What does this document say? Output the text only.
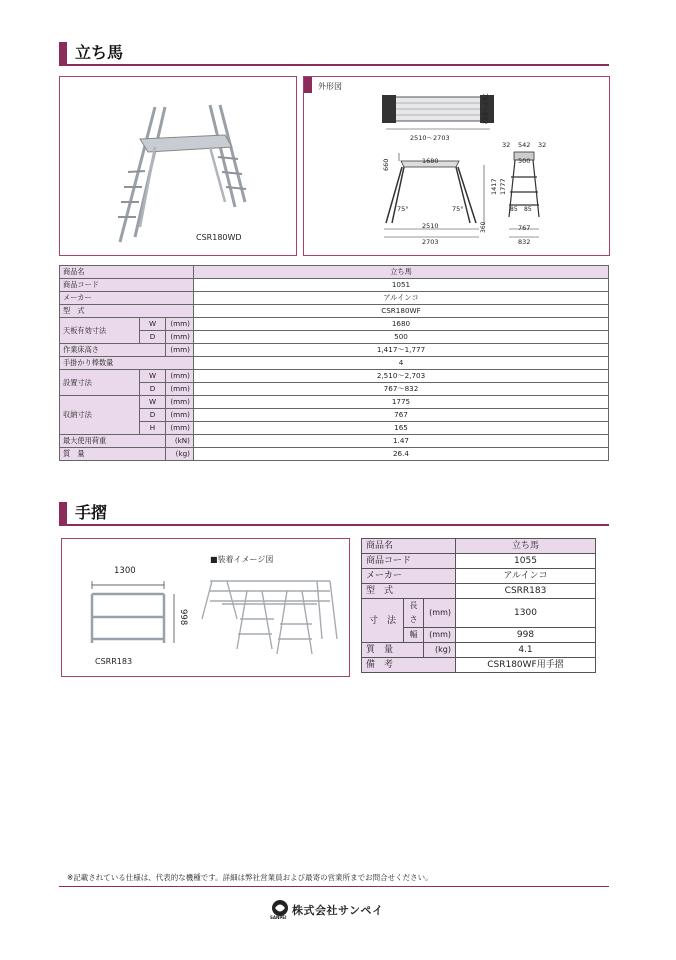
立ち馬
CSR180WD
外形図
2510～2703
767～832
1680
660
1417 1777
2510
2703
75°	75°
360
542
32	32
500
85 85
767
832
商品名			立ち馬
商品コード			1051
メーカー			アルインコ
型　式			CSR180WF
天板有効寸法	W	(mm)	1680
	D	(mm)	500
作業床高さ		(mm)	1,417～1,777
手掛かり棒数量			4
設置寸法	W	(mm)	2,510～2,703
	D	(mm)	767～832
収納寸法	W	(mm)	1775
	D	(mm)	767
	H	(mm)	165
最大使用荷重		(kN)	1.47
質　量		(kg)	26.4
手摺
1300
998
CSRR183
■装着イメージ図
商品名			立ち馬
商品コード			1055
メーカー			アルインコ
型　式			CSRR183
寸　法	長さ	(mm)	1300
	幅	(mm)	998
質　量		(kg)	4.1
備　考			CSR180WF用手摺
※記載されている仕様は、代表的な機種です。詳細は弊社営業員および最寄の営業所までお問合せください。
SANPEI
株式会社サンペイ
